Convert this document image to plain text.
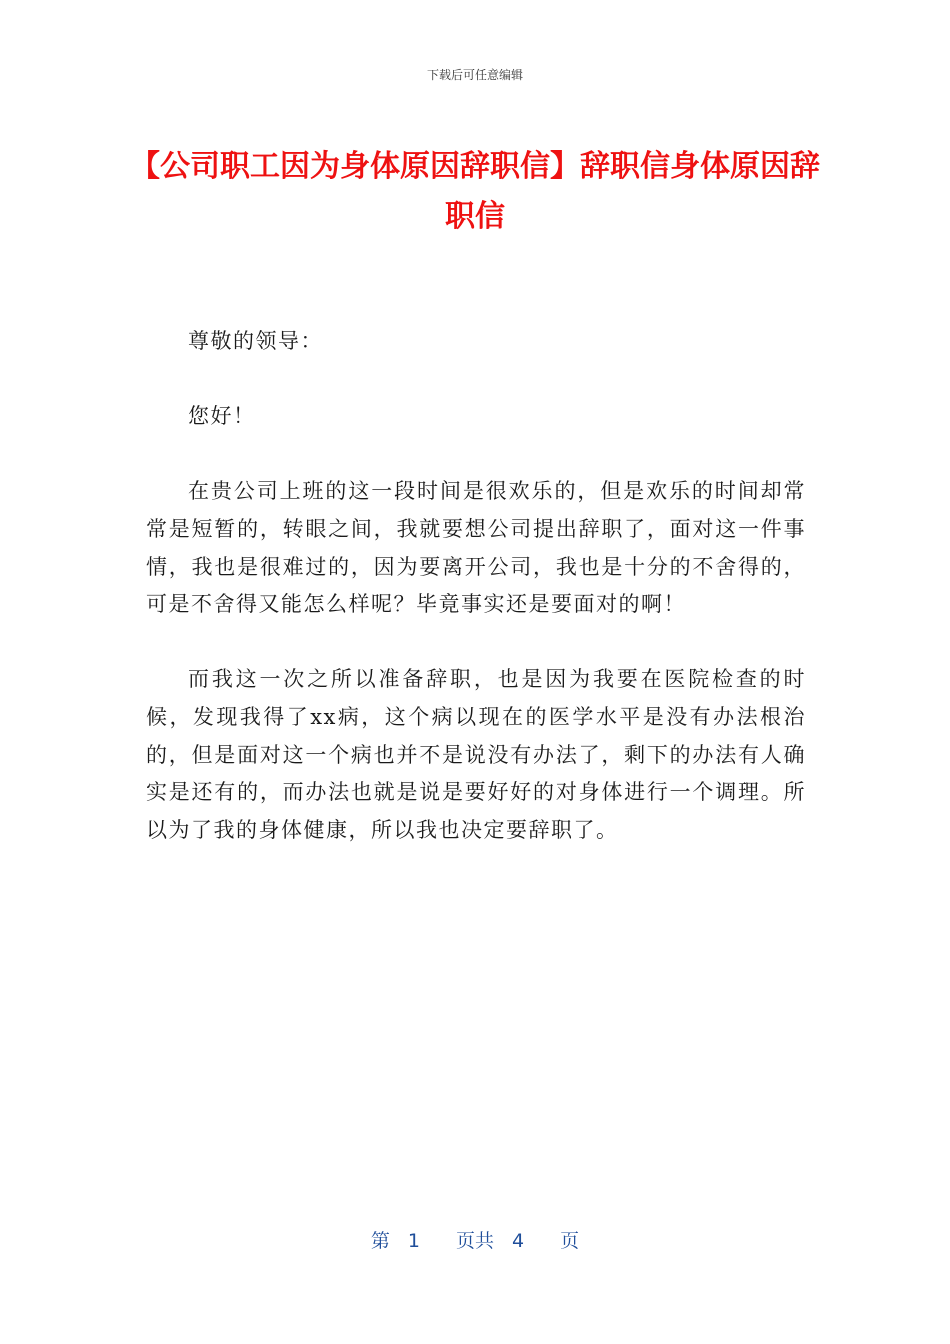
下载后可任意编辑
【公司职工因为身体原因辞职信】辞职信身体原因辞职信

尊敬的领导：

您好！

在贵公司上班的这一段时间是很欢乐的，但是欢乐的时间却常常是短暂的，转眼之间，我就要想公司提出辞职了，面对这一件事情，我也是很难过的，因为要离开公司，我也是十分的不舍得的，可是不舍得又能怎么样呢？毕竟事实还是要面对的啊！

而我这一次之所以准备辞职，也是因为我要在医院检查的时候，发现我得了xx病，这个病以现在的医学水平是没有办法根治的，但是面对这一个病也并不是说没有办法了，剩下的办法有人确实是还有的，而办法也就是说是要好好的对身体进行一个调理。所以为了我的身体健康，所以我也决定要辞职了。

第 1 页共 4 页
